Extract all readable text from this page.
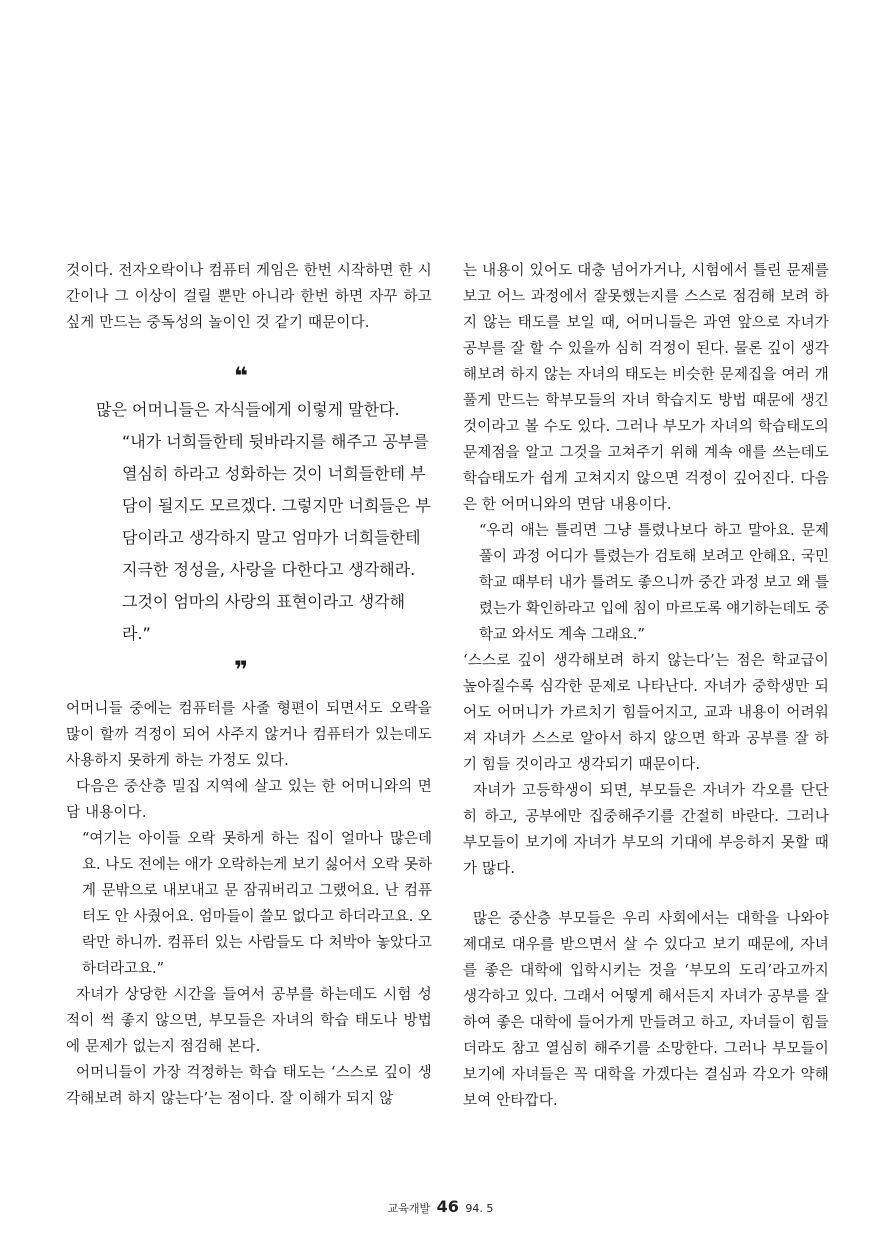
것이다. 전자오락이나 컴퓨터 게임은 한번 시작하면 한 시간이나 그 이상이 걸릴 뿐만 아니라 한번 하면 자꾸 하고 싶게 만드는 중독성의 놀이인 것 같기 때문이다.

❝

많은 어머니들은 자식들에게 이렇게 말한다.

“내가 너희들한테 뒷바라지를 해주고 공부를 열심히 하라고 성화하는 것이 너희들한테 부담이 될지도 모르겠다. 그렇지만 너희들은 부담이라고 생각하지 말고 엄마가 너희들한테 지극한 정성을, 사랑을 다한다고 생각해라. 그것이 엄마의 사랑의 표현이라고 생각해라.”

❞

어머니들 중에는 컴퓨터를 사줄 형편이 되면서도 오락을 많이 할까 걱정이 되어 사주지 않거나 컴퓨터가 있는데도 사용하지 못하게 하는 가정도 있다.

다음은 중산층 밀집 지역에 살고 있는 한 어머니와의 면담 내용이다.

“여기는 아이들 오락 못하게 하는 집이 얼마나 많은데요. 나도 전에는 애가 오락하는게 보기 싫어서 오락 못하게 문밖으로 내보내고 문 잠궈버리고 그랬어요. 난 컴퓨터도 안 사줬어요. 엄마들이 쓸모 없다고 하더라고요. 오락만 하니까. 컴퓨터 있는 사람들도 다 처박아 놓았다고 하더라고요.”

자녀가 상당한 시간을 들여서 공부를 하는데도 시험 성적이 썩 좋지 않으면, 부모들은 자녀의 학습 태도나 방법에 문제가 없는지 점검해 본다.

어머니들이 가장 걱정하는 학습 태도는 ‘스스로 깊이 생각해보려 하지 않는다’는 점이다. 잘 이해가 되지 않

는 내용이 있어도 대충 넘어가거나, 시험에서 틀린 문제를 보고 어느 과정에서 잘못했는지를 스스로 점검해 보려 하지 않는 태도를 보일 때, 어머니들은 과연 앞으로 자녀가 공부를 잘 할 수 있을까 심히 걱정이 된다. 물론 깊이 생각해보려 하지 않는 자녀의 태도는 비슷한 문제집을 여러 개 풀게 만드는 학부모들의 자녀 학습지도 방법 때문에 생긴 것이라고 볼 수도 있다. 그러나 부모가 자녀의 학습태도의 문제점을 알고 그것을 고쳐주기 위해 계속 애를 쓰는데도 학습태도가 쉽게 고쳐지지 않으면 걱정이 깊어진다. 다음은 한 어머니와의 면담 내용이다.

“우리 애는 틀리면 그냥 틀렸나보다 하고 말아요. 문제풀이 과정 어디가 틀렸는가 검토해 보려고 안해요. 국민학교 때부터 내가 틀려도 좋으니까 중간 과정 보고 왜 틀렸는가 확인하라고 입에 침이 마르도록 얘기하는데도 중학교 와서도 계속 그래요.”

‘스스로 깊이 생각해보려 하지 않는다’는 점은 학교급이 높아질수록 심각한 문제로 나타난다. 자녀가 중학생만 되어도 어머니가 가르치기 힘들어지고, 교과 내용이 어려워져 자녀가 스스로 알아서 하지 않으면 학과 공부를 잘 하기 힘들 것이라고 생각되기 때문이다.

자녀가 고등학생이 되면, 부모들은 자녀가 각오를 단단히 하고, 공부에만 집중해주기를 간절히 바란다. 그러나 부모들이 보기에 자녀가 부모의 기대에 부응하지 못할 때가 많다.

많은 중산층 부모들은 우리 사회에서는 대학을 나와야 제대로 대우를 받으면서 살 수 있다고 보기 때문에, 자녀를 좋은 대학에 입학시키는 것을 ‘부모의 도리’라고까지 생각하고 있다. 그래서 어떻게 해서든지 자녀가 공부를 잘하여 좋은 대학에 들어가게 만들려고 하고, 자녀들이 힘들더라도 참고 열심히 해주기를 소망한다. 그러나 부모들이 보기에 자녀들은 꼭 대학을 가겠다는 결심과 각오가 약해 보여 안타깝다.

교육개발 46 94. 5
